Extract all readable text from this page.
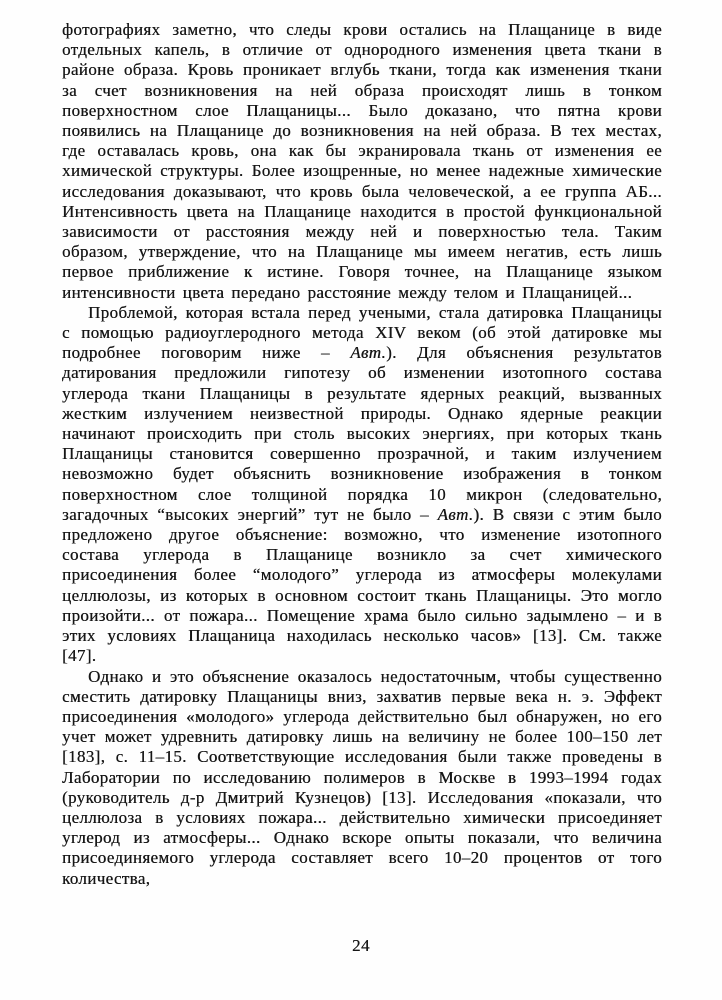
фотографиях заметно, что следы крови остались на Плащанице в виде отдельных капель, в отличие от однородного изменения цвета ткани в районе образа. Кровь проникает вглубь ткани, тогда как изменения ткани за счет возникновения на ней образа происходят лишь в тонком поверхностном слое Плащаницы... Было доказано, что пятна крови появились на Плащанице до возникновения на ней образа. В тех местах, где оставалась кровь, она как бы экранировала ткань от изменения ее химической структуры. Более изощренные, но менее надежные химические исследования доказывают, что кровь была человеческой, а ее группа АБ... Интенсивность цвета на Плащанице находится в простой функциональной зависимости от расстояния между ней и поверхностью тела. Таким образом, утверждение, что на Плащанице мы имеем негатив, есть лишь первое приближение к истине. Говоря точнее, на Плащанице языком интенсивности цвета передано расстояние между телом и Плащаницей...

Проблемой, которая встала перед учеными, стала датировка Плащаницы с помощью радиоуглеродного метода XIV веком (об этой датировке мы подробнее поговорим ниже – Авт.). Для объяснения результатов датирования предложили гипотезу об изменении изотопного состава углерода ткани Плащаницы в результате ядерных реакций, вызванных жестким излучением неизвестной природы. Однако ядерные реакции начинают происходить при столь высоких энергиях, при которых ткань Плащаницы становится совершенно прозрачной, и таким излучением невозможно будет объяснить возникновение изображения в тонком поверхностном слое толщиной порядка 10 микрон (следовательно, загадочных “высоких энергий” тут не было – Авт.). В связи с этим было предложено другое объяснение: возможно, что изменение изотопного состава углерода в Плащанице возникло за счет химического присоединения более “молодого” углерода из атмосферы молекулами целлюлозы, из которых в основном состоит ткань Плащаницы. Это могло произойти... от пожара... Помещение храма было сильно задымлено – и в этих условиях Плащаница находилась несколько часов» [13]. См. также [47].

Однако и это объяснение оказалось недостаточным, чтобы существенно сместить датировку Плащаницы вниз, захватив первые века н. э. Эффект присоединения «молодого» углерода действительно был обнаружен, но его учет может удревнить датировку лишь на величину не более 100–150 лет [183], с. 11–15. Соответствующие исследования были также проведены в Лаборатории по исследованию полимеров в Москве в 1993–1994 годах (руководитель д-р Дмитрий Кузнецов) [13]. Исследования «показали, что целлюлоза в условиях пожара... действительно химически присоединяет углерод из атмосферы... Однако вскоре опыты показали, что величина присоединяемого углерода составляет всего 10–20 процентов от того количества,

24
